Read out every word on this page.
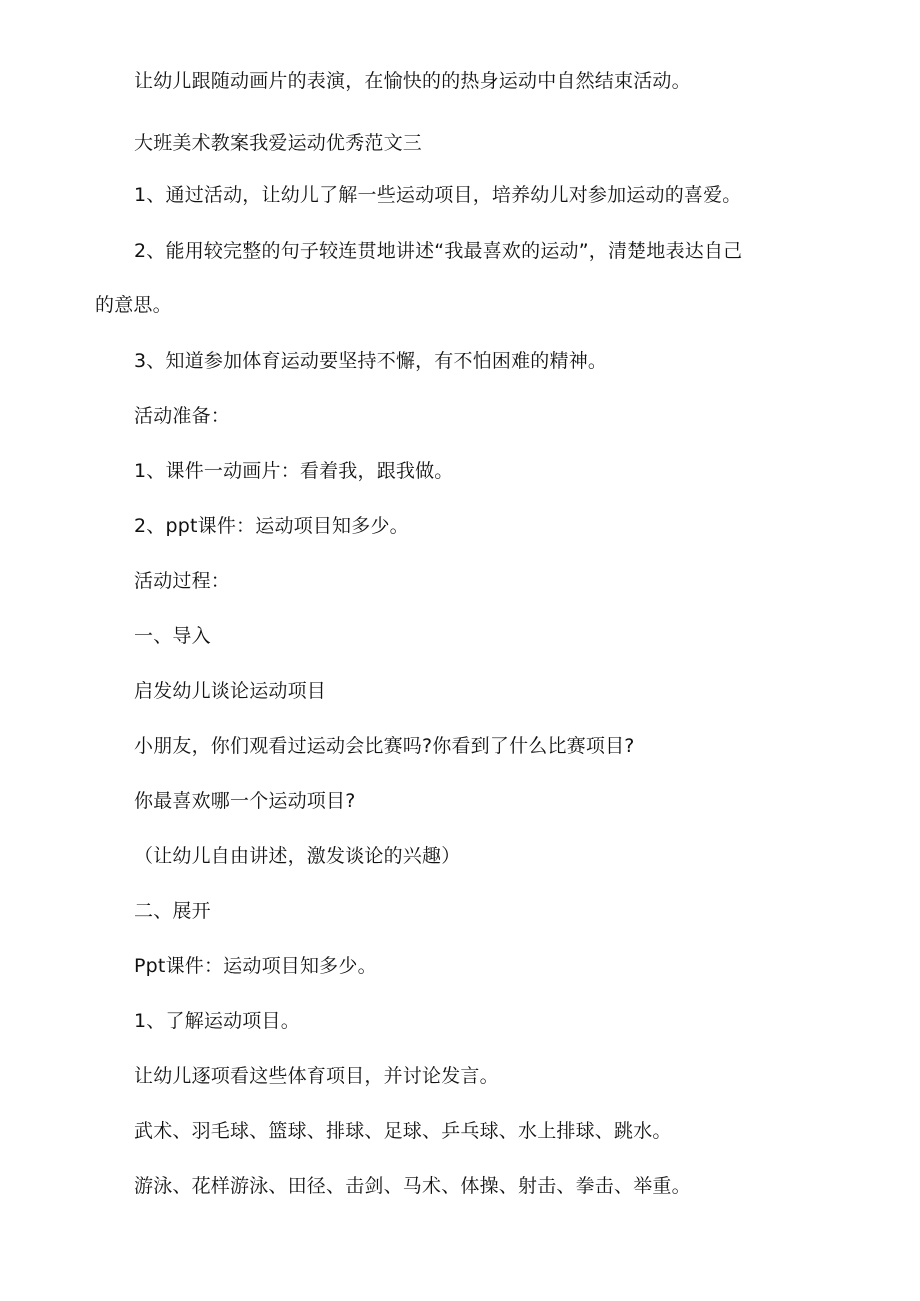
让幼儿跟随动画片的表演，在愉快的的热身运动中自然结束活动。
大班美术教案我爱运动优秀范文三
1、通过活动，让幼儿了解一些运动项目，培养幼儿对参加运动的喜爱。
2、能用较完整的句子较连贯地讲述“我最喜欢的运动”，清楚地表达自己
的意思。
3、知道参加体育运动要坚持不懈，有不怕困难的精神。
活动准备：
1、课件一动画片：看着我，跟我做。
2、ppt课件：运动项目知多少。
活动过程：
一、导入
启发幼儿谈论运动项目
小朋友，你们观看过运动会比赛吗?你看到了什么比赛项目?
你最喜欢哪一个运动项目?
（让幼儿自由讲述，激发谈论的兴趣）
二、展开
Ppt课件：运动项目知多少。
1、了解运动项目。
让幼儿逐项看这些体育项目，并讨论发言。
武术、羽毛球、篮球、排球、足球、乒乓球、水上排球、跳水。
游泳、花样游泳、田径、击剑、马术、体操、射击、拳击、举重。
